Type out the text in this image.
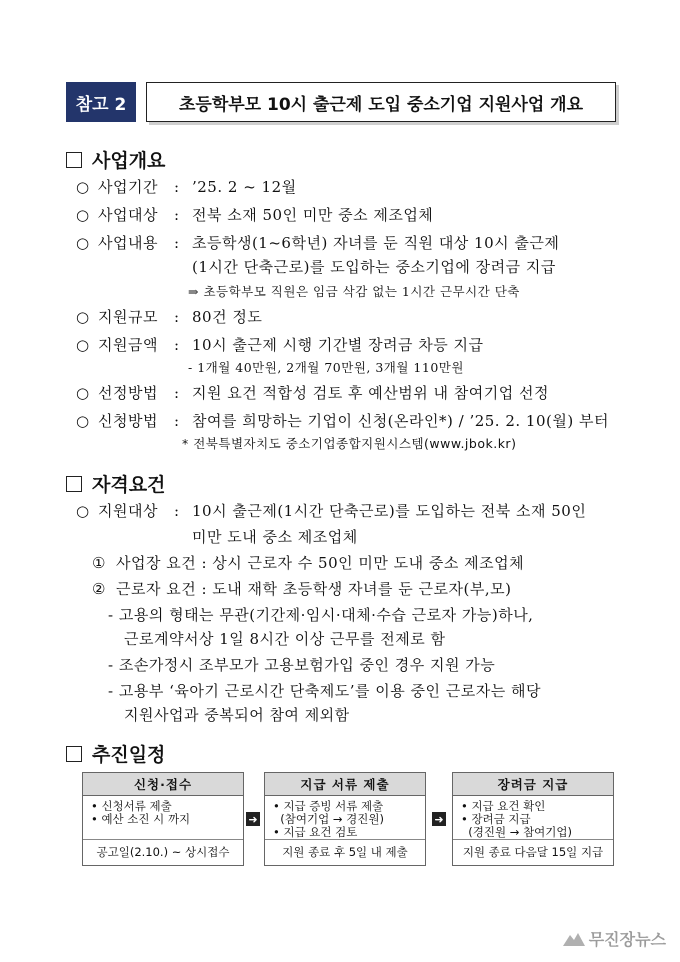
참고 2	초등학부모 10시 출근제 도입 중소기업 지원사업 개요
사업개요
○ 사업기간 : ’25. 2 ~ 12월
○ 사업대상 : 전북 소재 50인 미만 중소 제조업체
○ 사업내용 : 초등학생(1~6학년) 자녀를 둔 직원 대상 10시 출근제
(1시간 단축근로)를 도입하는 중소기업에 장려금 지급
⇒ 초등학부모 직원은 임금 삭감 없는 1시간 근무시간 단축
○ 지원규모 : 80건 정도
○ 지원금액 : 10시 출근제 시행 기간별 장려금 차등 지급
- 1개월 40만원, 2개월 70만원, 3개월 110만원
○ 선정방법 : 지원 요건 적합성 검토 후 예산범위 내 참여기업 선정
○ 신청방법 : 참여를 희망하는 기업이 신청(온라인*) / ’25. 2. 10(월) 부터
* 전북특별자치도 중소기업종합지원시스템(www.jbok.kr)
자격요건
○ 지원대상 : 10시 출근제(1시간 단축근로)를 도입하는 전북 소재 50인
미만 도내 중소 제조업체
① 사업장 요건 : 상시 근로자 수 50인 미만 도내 중소 제조업체
② 근로자 요건 : 도내 재학 초등학생 자녀를 둔 근로자(부,모)
- 고용의 형태는 무관(기간제·임시·대체·수습 근로자 가능)하나,
근로계약서상 1일 8시간 이상 근무를 전제로 함
- 조손가정시 조부모가 고용보험가입 중인 경우 지원 가능
- 고용부 ‘육아기 근로시간 단축제도’를 이용 중인 근로자는 해당
지원사업과 중복되어 참여 제외함
추진일정
신청·접수
• 신청서류 제출
• 예산 소진 시 까지
공고일(2.10.) ~ 상시접수
➜
지급 서류 제출
• 지급 증빙 서류 제출
(참여기업 → 경진원)
• 지급 요건 검토
지원 종료 후 5일 내 제출
➜
장려금 지급
• 지급 요건 확인
• 장려금 지급
(경진원 → 참여기업)
지원 종료 다음달 15일 지급
무진장뉴스
